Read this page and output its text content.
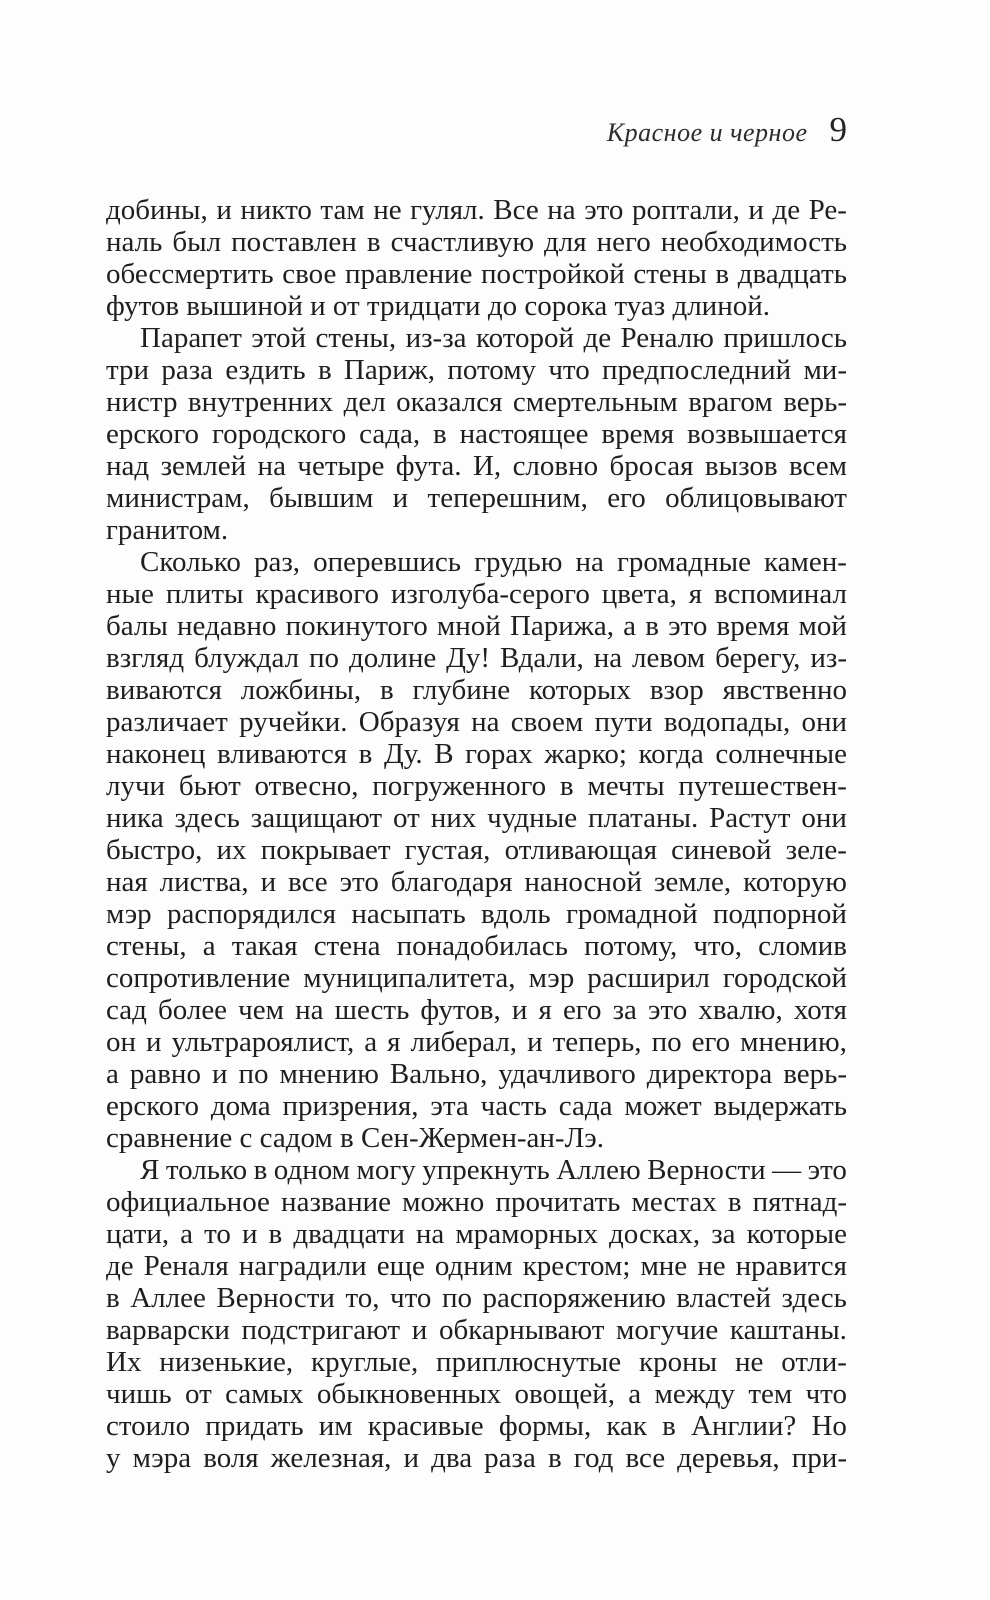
Красное и черное 9
добины, и никто там не гулял. Все на это роптали, и де Ре-
наль был поставлен в счастливую для него необходимость
обессмертить свое правление постройкой стены в двадцать
футов вышиной и от тридцати до сорока туаз длиной.
Парапет этой стены, из-за которой де Реналю пришлось
три раза ездить в Париж, потому что предпоследний ми-
нистр внутренних дел оказался смертельным врагом верь-
ерского городского сада, в настоящее время возвышается
над землей на четыре фута. И, словно бросая вызов всем
министрам, бывшим и теперешним, его облицовывают
гранитом.
Сколько раз, оперевшись грудью на громадные камен-
ные плиты красивого изголуба-серого цвета, я вспоминал
балы недавно покинутого мной Парижа, а в это время мой
взгляд блуждал по долине Ду! Вдали, на левом берегу, из-
виваются ложбины, в глубине которых взор явственно
различает ручейки. Образуя на своем пути водопады, они
наконец вливаются в Ду. В горах жарко; когда солнечные
лучи бьют отвесно, погруженного в мечты путешествен-
ника здесь защищают от них чудные платаны. Растут они
быстро, их покрывает густая, отливающая синевой зеле-
ная листва, и все это благодаря наносной земле, которую
мэр распорядился насыпать вдоль громадной подпорной
стены, а такая стена понадобилась потому, что, сломив
сопротивление муниципалитета, мэр расширил городской
сад более чем на шесть футов, и я его за это хвалю, хотя
он и ультрароялист, а я либерал, и теперь, по его мнению,
а равно и по мнению Вально, удачливого директора верь-
ерского дома призрения, эта часть сада может выдержать
сравнение с садом в Сен-Жермен-ан-Лэ.
Я только в одном могу упрекнуть Аллею Верности — это
официальное название можно прочитать местах в пятнад-
цати, а то и в двадцати на мраморных досках, за которые
де Реналя наградили еще одним крестом; мне не нравится
в Аллее Верности то, что по распоряжению властей здесь
варварски подстригают и обкарнывают могучие каштаны.
Их низенькие, круглые, приплюснутые кроны не отли-
чишь от самых обыкновенных овощей, а между тем что
стоило придать им красивые формы, как в Англии? Но
у мэра воля железная, и два раза в год все деревья, при-
